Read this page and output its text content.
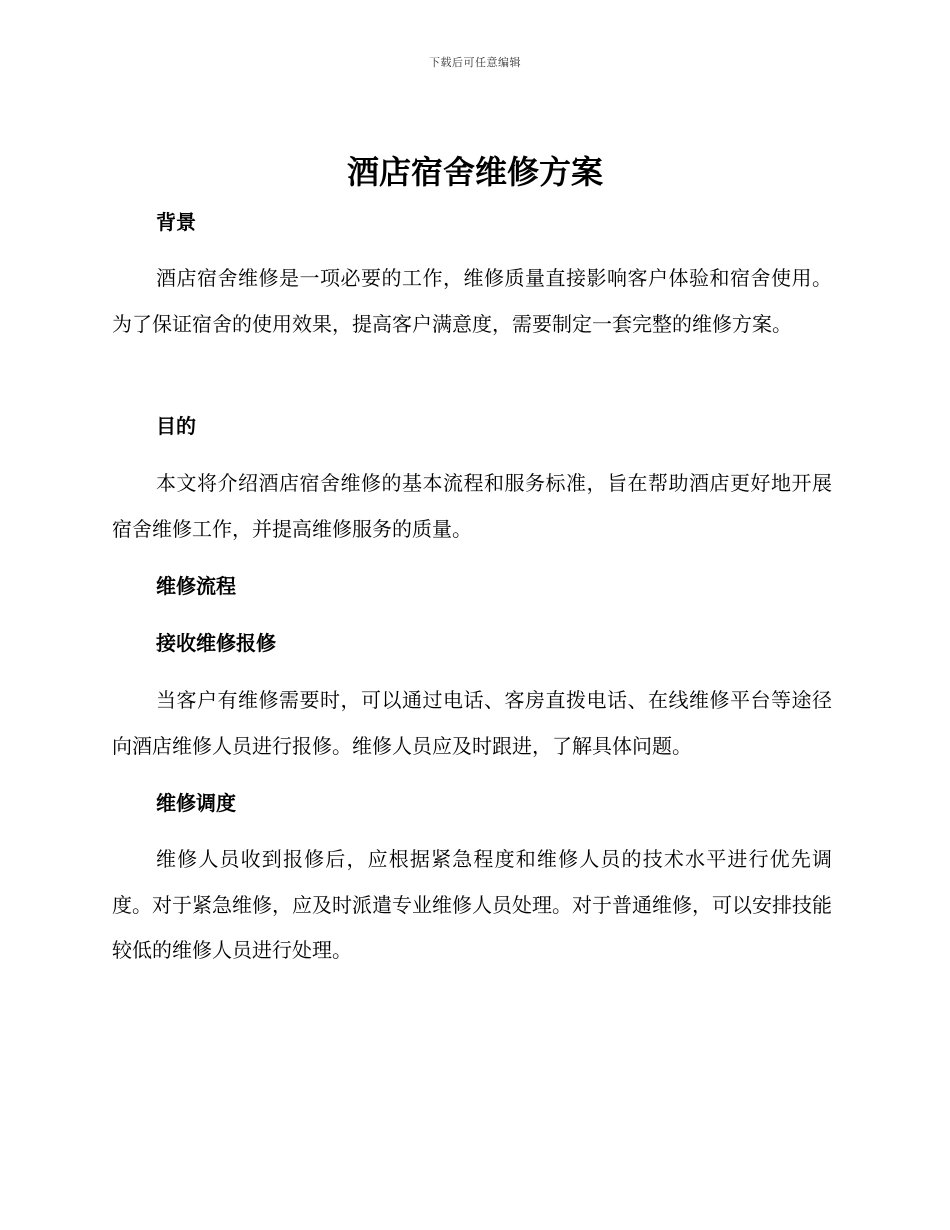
下载后可任意编辑
酒店宿舍维修方案
背景

酒店宿舍维修是一项必要的工作，维修质量直接影响客户体验和宿舍使用。为了保证宿舍的使用效果，提高客户满意度，需要制定一套完整的维修方案。

目的

本文将介绍酒店宿舍维修的基本流程和服务标准，旨在帮助酒店更好地开展宿舍维修工作，并提高维修服务的质量。

维修流程
接收维修报修

当客户有维修需要时，可以通过电话、客房直拨电话、在线维修平台等途径向酒店维修人员进行报修。维修人员应及时跟进，了解具体问题。

维修调度

维修人员收到报修后，应根据紧急程度和维修人员的技术水平进行优先调度。对于紧急维修，应及时派遣专业维修人员处理。对于普通维修，可以安排技能较低的维修人员进行处理。
